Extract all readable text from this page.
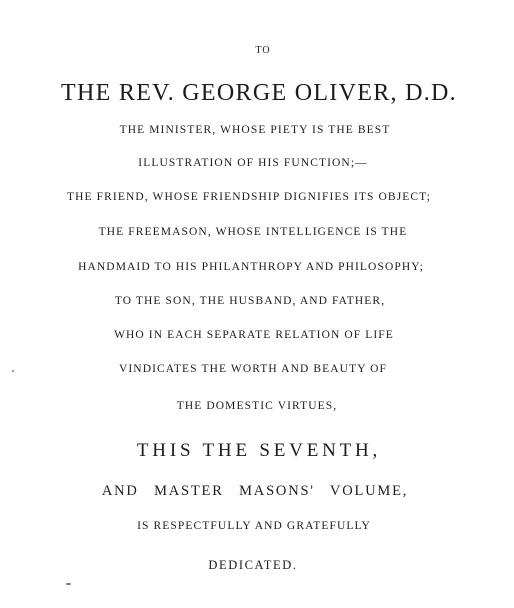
TO
THE REV. GEORGE OLIVER, D.D.
THE MINISTER, WHOSE PIETY IS THE BEST
ILLUSTRATION OF HIS FUNCTION;—
THE FRIEND, WHOSE FRIENDSHIP DIGNIFIES ITS OBJECT;
THE FREEMASON, WHOSE INTELLIGENCE IS THE
HANDMAID TO HIS PHILANTHROPY AND PHILOSOPHY;
TO THE SON, THE HUSBAND, AND FATHER,
WHO IN EACH SEPARATE RELATION OF LIFE
VINDICATES THE WORTH AND BEAUTY OF
THE DOMESTIC VIRTUES,
THIS THE SEVENTH,
AND MASTER MASONS' VOLUME,
IS RESPECTFULLY AND GRATEFULLY
DEDICATED.
